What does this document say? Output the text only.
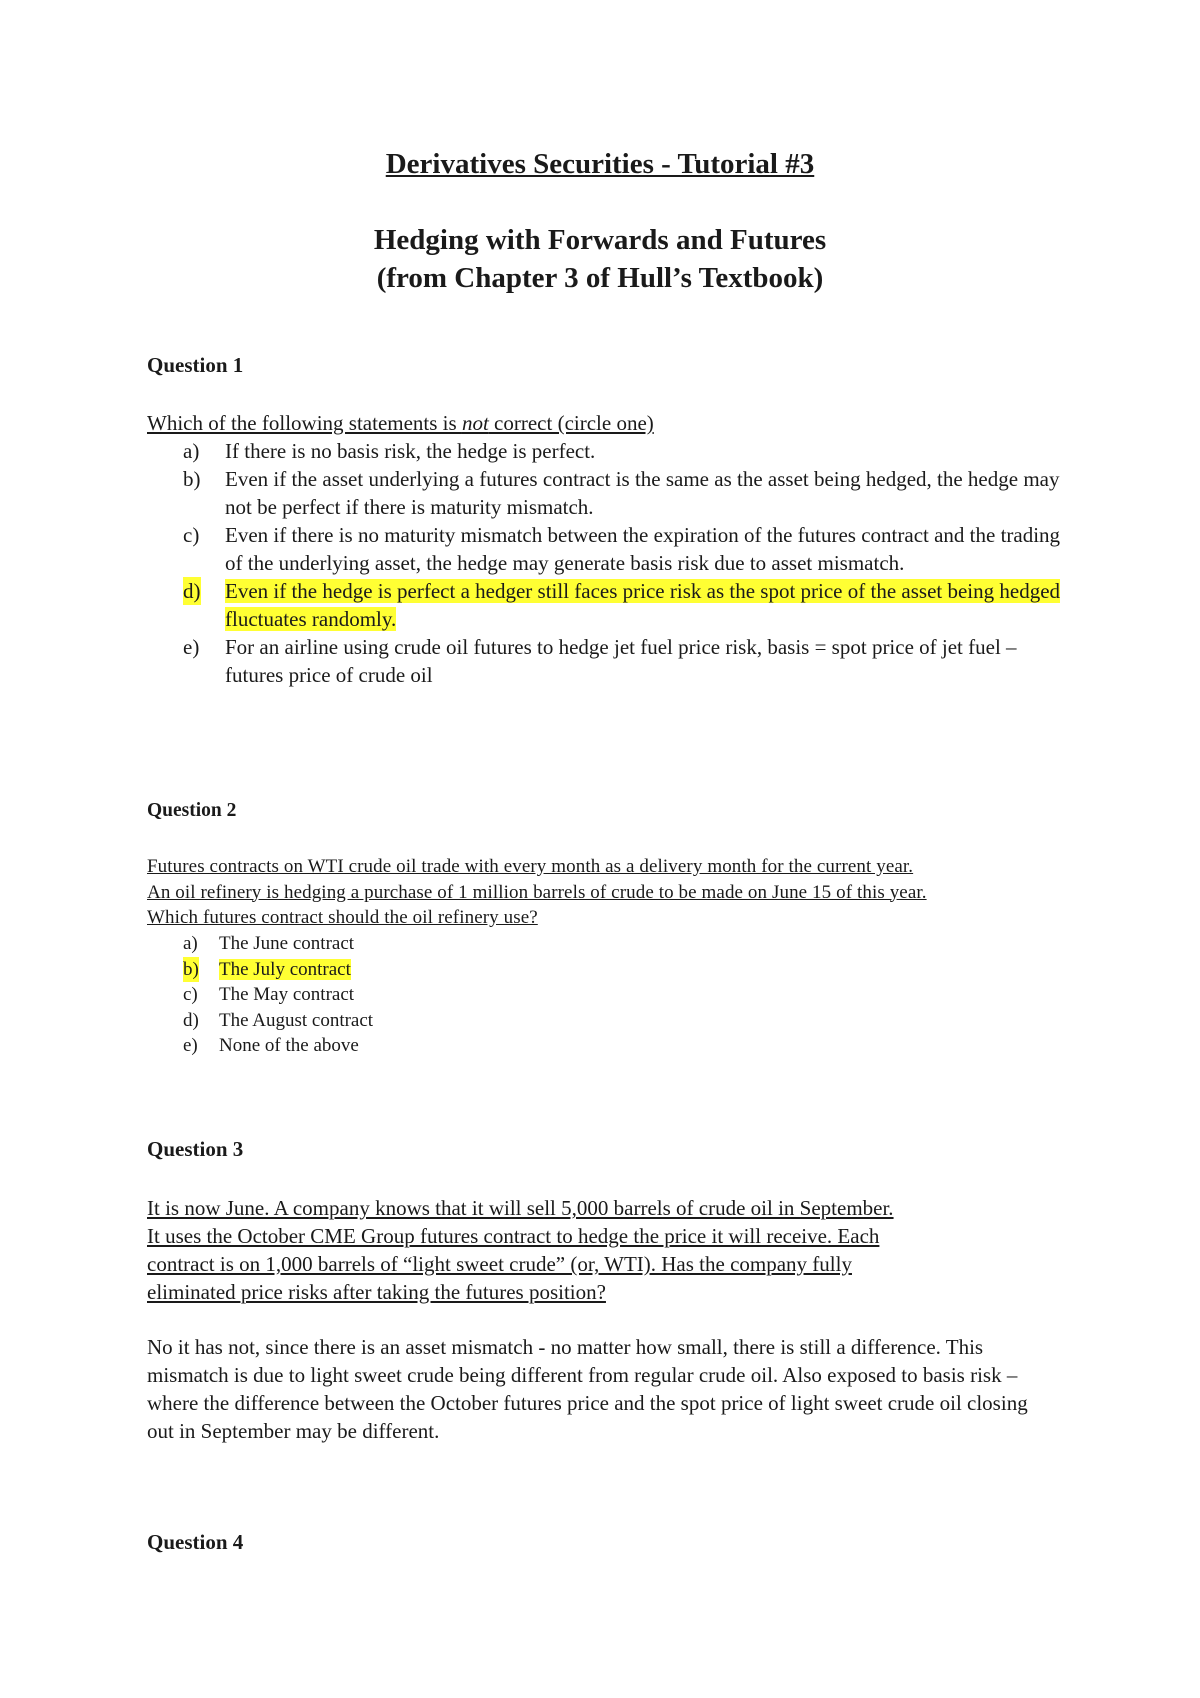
Derivatives Securities - Tutorial #3
Hedging with Forwards and Futures
(from Chapter 3 of Hull’s Textbook)
Question 1
Which of the following statements is not correct (circle one)
a) If there is no basis risk, the hedge is perfect.
b) Even if the asset underlying a futures contract is the same as the asset being hedged, the hedge may not be perfect if there is maturity mismatch.
c) Even if there is no maturity mismatch between the expiration of the futures contract and the trading of the underlying asset, the hedge may generate basis risk due to asset mismatch.
d) Even if the hedge is perfect a hedger still faces price risk as the spot price of the asset being hedged fluctuates randomly.
e) For an airline using crude oil futures to hedge jet fuel price risk, basis = spot price of jet fuel – futures price of crude oil
Question 2
Futures contracts on WTI crude oil trade with every month as a delivery month for the current year.
An oil refinery is hedging a purchase of 1 million barrels of crude to be made on June 15 of this year.
Which futures contract should the oil refinery use?
a) The June contract
b) The July contract
c) The May contract
d) The August contract
e) None of the above
Question 3
It is now June. A company knows that it will sell 5,000 barrels of crude oil in September.
It uses the October CME Group futures contract to hedge the price it will receive. Each
contract is on 1,000 barrels of “light sweet crude” (or, WTI). Has the company fully
eliminated price risks after taking the futures position?
No it has not, since there is an asset mismatch - no matter how small, there is still a difference. This mismatch is due to light sweet crude being different from regular crude oil. Also exposed to basis risk – where the difference between the October futures price and the spot price of light sweet crude oil closing out in September may be different.
Question 4
